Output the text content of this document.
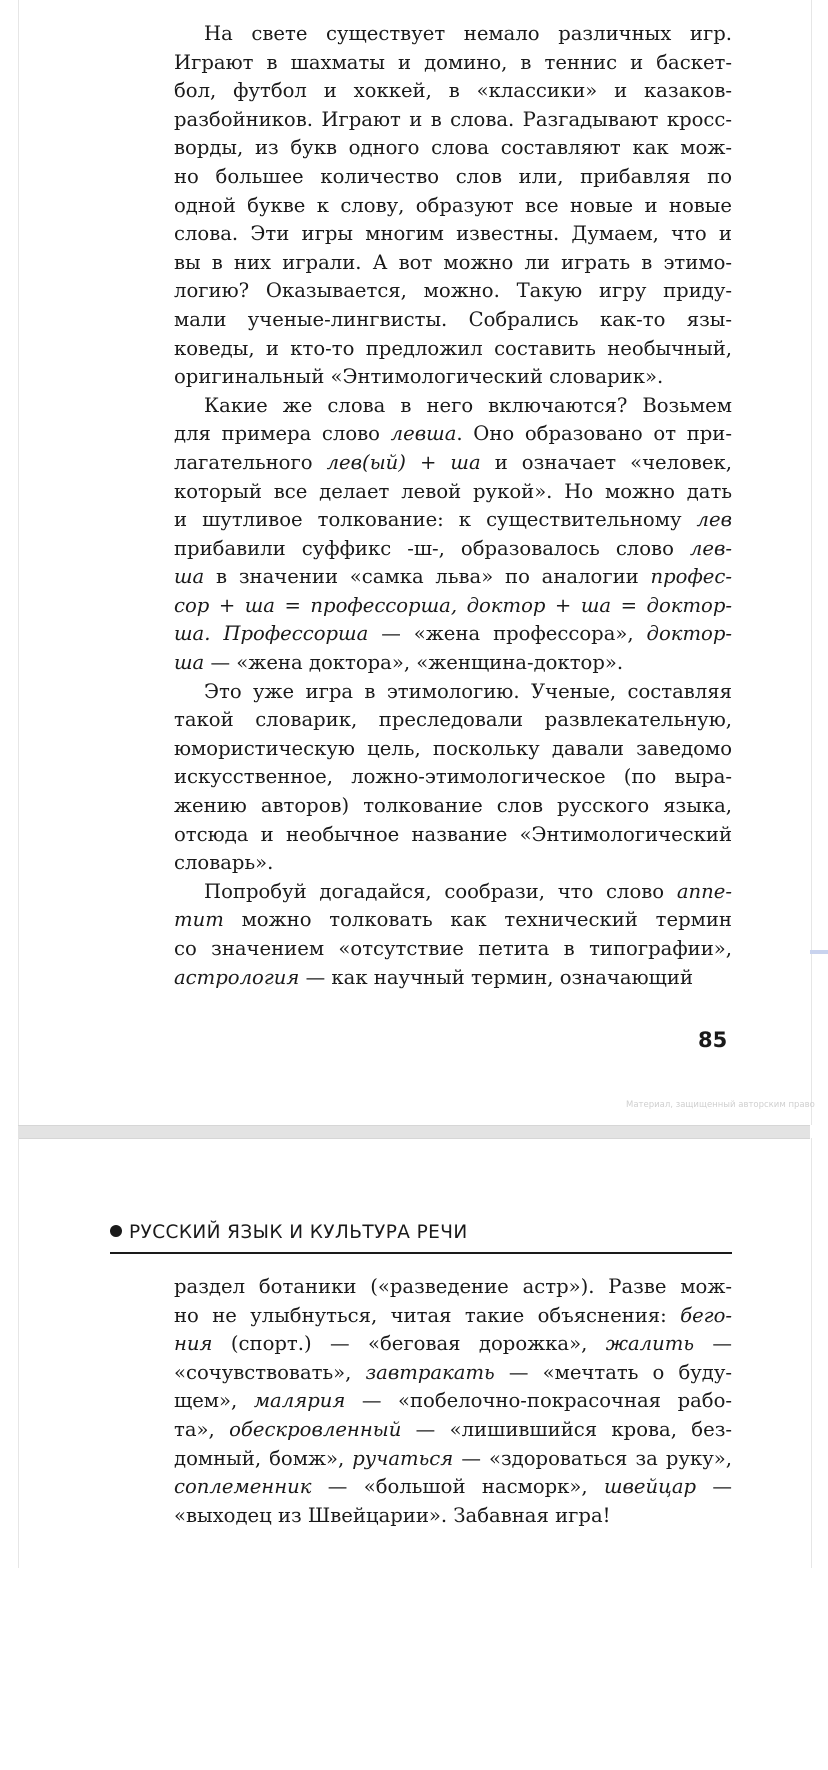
На свете существует немало различных игр.
Играют в шахматы и домино, в теннис и баскет-
бол, футбол и хоккей, в «классики» и казаков-
разбойников. Играют и в слова. Разгадывают кросс-
ворды, из букв одного слова составляют как мож-
но большее количество слов или, прибавляя по
одной букве к слову, образуют все новые и новые
слова. Эти игры многим известны. Думаем, что и
вы в них играли. А вот можно ли играть в этимо-
логию? Оказывается, можно. Такую игру приду-
мали ученые-лингвисты. Собрались как-то язы-
коведы, и кто-то предложил составить необычный,
оригинальный «Энтимологический словарик».

Какие же слова в него включаются? Возьмем
для примера слово левша. Оно образовано от при-
лагательного лев(ый) + ша и означает «человек,
который все делает левой рукой». Но можно дать
и шутливое толкование: к существительному лев
прибавили суффикс -ш-, образовалось слово лев-
ша в значении «самка льва» по аналогии профес-
сор + ша = профессорша, доктор + ша = доктор-
ша. Профессорша — «жена профессора», доктор-
ша — «жена доктора», «женщина-доктор».

Это уже игра в этимологию. Ученые, составляя
такой словарик, преследовали развлекательную,
юмористическую цель, поскольку давали заведомо
искусственное, ложно-этимологическое (по выра-
жению авторов) толкование слов русского языка,
отсюда и необычное название «Энтимологический
словарь».

Попробуй догадайся, сообрази, что слово аппе-
тит можно толковать как технический термин
со значением «отсутствие петита в типографии»,
астрология — как научный термин, означающий

85
Материал, защищенный авторским право
РУССКИЙ ЯЗЫК И КУЛЬТУРА РЕЧИ

раздел ботаники («разведение астр»). Разве мож-
но не улыбнуться, читая такие объяснения: бего-
ния (спорт.) — «беговая дорожка», жалить —
«сочувствовать», завтракать — «мечтать о буду-
щем», малярия — «побелочно-покрасочная рабо-
та», обескровленный — «лишившийся крова, без-
домный, бомж», ручаться — «здороваться за руку»,
соплеменник — «большой насморк», швейцар —
«выходец из Швейцарии». Забавная игра!
